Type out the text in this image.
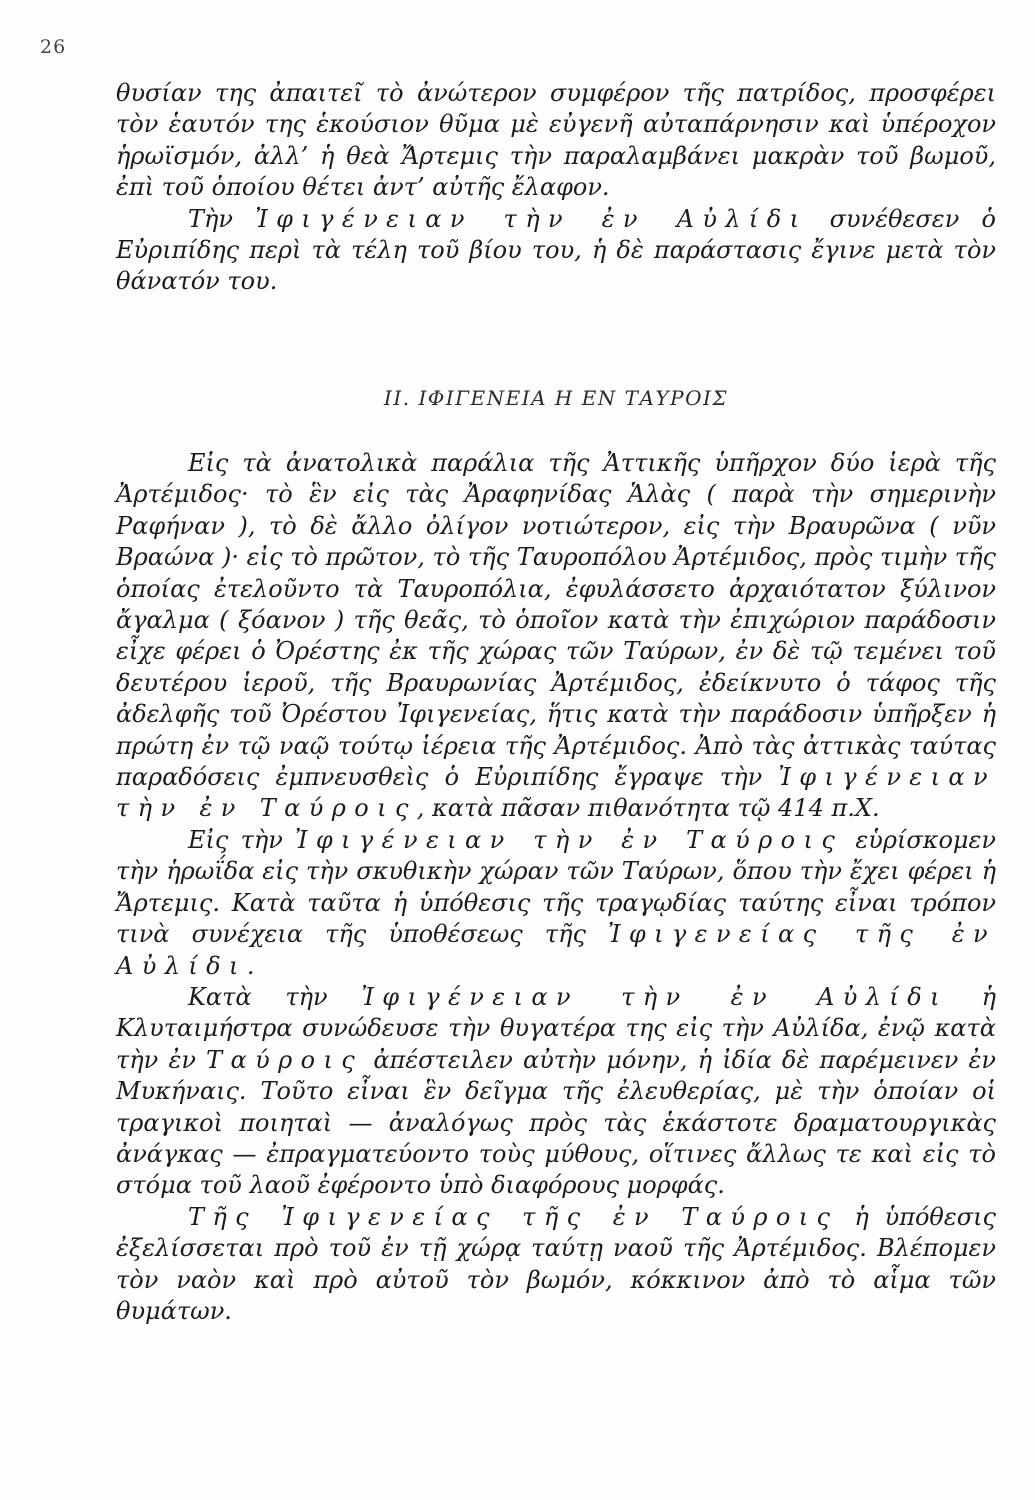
26

θυσίαν της ἀπαιτεῖ τὸ ἀνώτερον συμφέρον τῆς πατρίδος, προσφέρει τὸν ἑαυτόν της ἑκούσιον θῦμα μὲ εὐγενῆ αὐταπάρνησιν καὶ ὑπέροχον ἡρωϊσμόν, ἀλλ’ ἡ θεὰ Ἄρτεμις τὴν παραλαμβάνει μακρὰν τοῦ βωμοῦ, ἐπὶ τοῦ ὁποίου θέτει ἀντ’ αὐτῆς ἔλαφον.

Τὴν Ἰφιγένειαν τὴν ἐν Αὐλίδι συνέθεσεν ὁ Εὐριπίδης περὶ τὰ τέλη τοῦ βίου του, ἡ δὲ παράστασις ἔγινε μετὰ τὸν θάνατόν του.

ΙΙ. ΙΦΙΓΕΝΕΙΑ Η ΕΝ ΤΑΥΡΟΙΣ

Εἰς τὰ ἀνατολικὰ παράλια τῆς Ἀττικῆς ὑπῆρχον δύο ἱερὰ τῆς Ἀρτέμιδος· τὸ ἓν εἰς τὰς Ἀραφηνίδας Ἁλὰς ( παρὰ τὴν σημερινὴν Ραφήναν ), τὸ δὲ ἄλλο ὀλίγον νοτιώτερον, εἰς τὴν Βραυρῶνα ( νῦν Βραώνα )· εἰς τὸ πρῶτον, τὸ τῆς Ταυροπόλου Ἀρτέμιδος, πρὸς τιμὴν τῆς ὁποίας ἐτελοῦντο τὰ Ταυροπόλια, ἐφυλάσσετο ἀρχαιότατον ξύλινον ἄγαλμα ( ξόανον ) τῆς θεᾶς, τὸ ὁποῖον κατὰ τὴν ἐπιχώριον παράδοσιν εἶχε φέρει ὁ Ὀρέστης ἐκ τῆς χώρας τῶν Ταύρων, ἐν δὲ τῷ τεμένει τοῦ δευτέρου ἱεροῦ, τῆς Βραυρωνίας Ἀρτέμιδος, ἐδείκνυτο ὁ τάφος τῆς ἀδελφῆς τοῦ Ὀρέστου Ἰφιγενείας, ἥτις κατὰ τὴν παράδοσιν ὑπῆρξεν ἡ πρώτη ἐν τῷ ναῷ τούτῳ ἱέρεια τῆς Ἀρτέμιδος. Ἀπὸ τὰς ἀττικὰς ταύτας παραδόσεις ἐμπνευσθεὶς ὁ Εὐριπίδης ἔγραψε τὴν Ἰφιγένειαν τὴν ἐν Ταύροις, κατὰ πᾶσαν πιθανότητα τῷ 414 π.Χ.

Εἰς τὴν Ἰφιγένειαν τὴν ἐν Ταύροις εὑρίσκομεν τὴν ἡρωΐδα εἰς τὴν σκυθικὴν χώραν τῶν Ταύρων, ὅπου τὴν ἔχει φέρει ἡ Ἄρτεμις. Κατὰ ταῦτα ἡ ὑπόθεσις τῆς τραγῳδίας ταύτης εἶναι τρόπον τινὰ συνέχεια τῆς ὑποθέσεως τῆς Ἰφιγενείας τῆς ἐν Αὐλίδι.

Κατὰ τὴν Ἰφιγένειαν τὴν ἐν Αὐλίδι ἡ Κλυταιμήστρα συνώδευσε τὴν θυγατέρα της εἰς τὴν Αὐλίδα, ἐνῷ κατὰ τὴν ἐν Ταύροις ἀπέστειλεν αὐτὴν μόνην, ἡ ἰδία δὲ παρέμεινεν ἐν Μυκήναις. Τοῦτο εἶναι ἓν δεῖγμα τῆς ἐλευθερίας, μὲ τὴν ὁποίαν οἱ τραγικοὶ ποιηταὶ — ἀναλόγως πρὸς τὰς ἑκάστοτε δραματουργικὰς ἀνάγκας — ἐπραγματεύοντο τοὺς μύθους, οἵτινες ἄλλως τε καὶ εἰς τὸ στόμα τοῦ λαοῦ ἐφέροντο ὑπὸ διαφόρους μορφάς.

Τῆς Ἰφιγενείας τῆς ἐν Ταύροις ἡ ὑπόθεσις ἐξελίσσεται πρὸ τοῦ ἐν τῇ χώρᾳ ταύτῃ ναοῦ τῆς Ἀρτέμιδος. Βλέπομεν τὸν ναὸν καὶ πρὸ αὐτοῦ τὸν βωμόν, κόκκινον ἀπὸ τὸ αἷμα τῶν θυμάτων.
